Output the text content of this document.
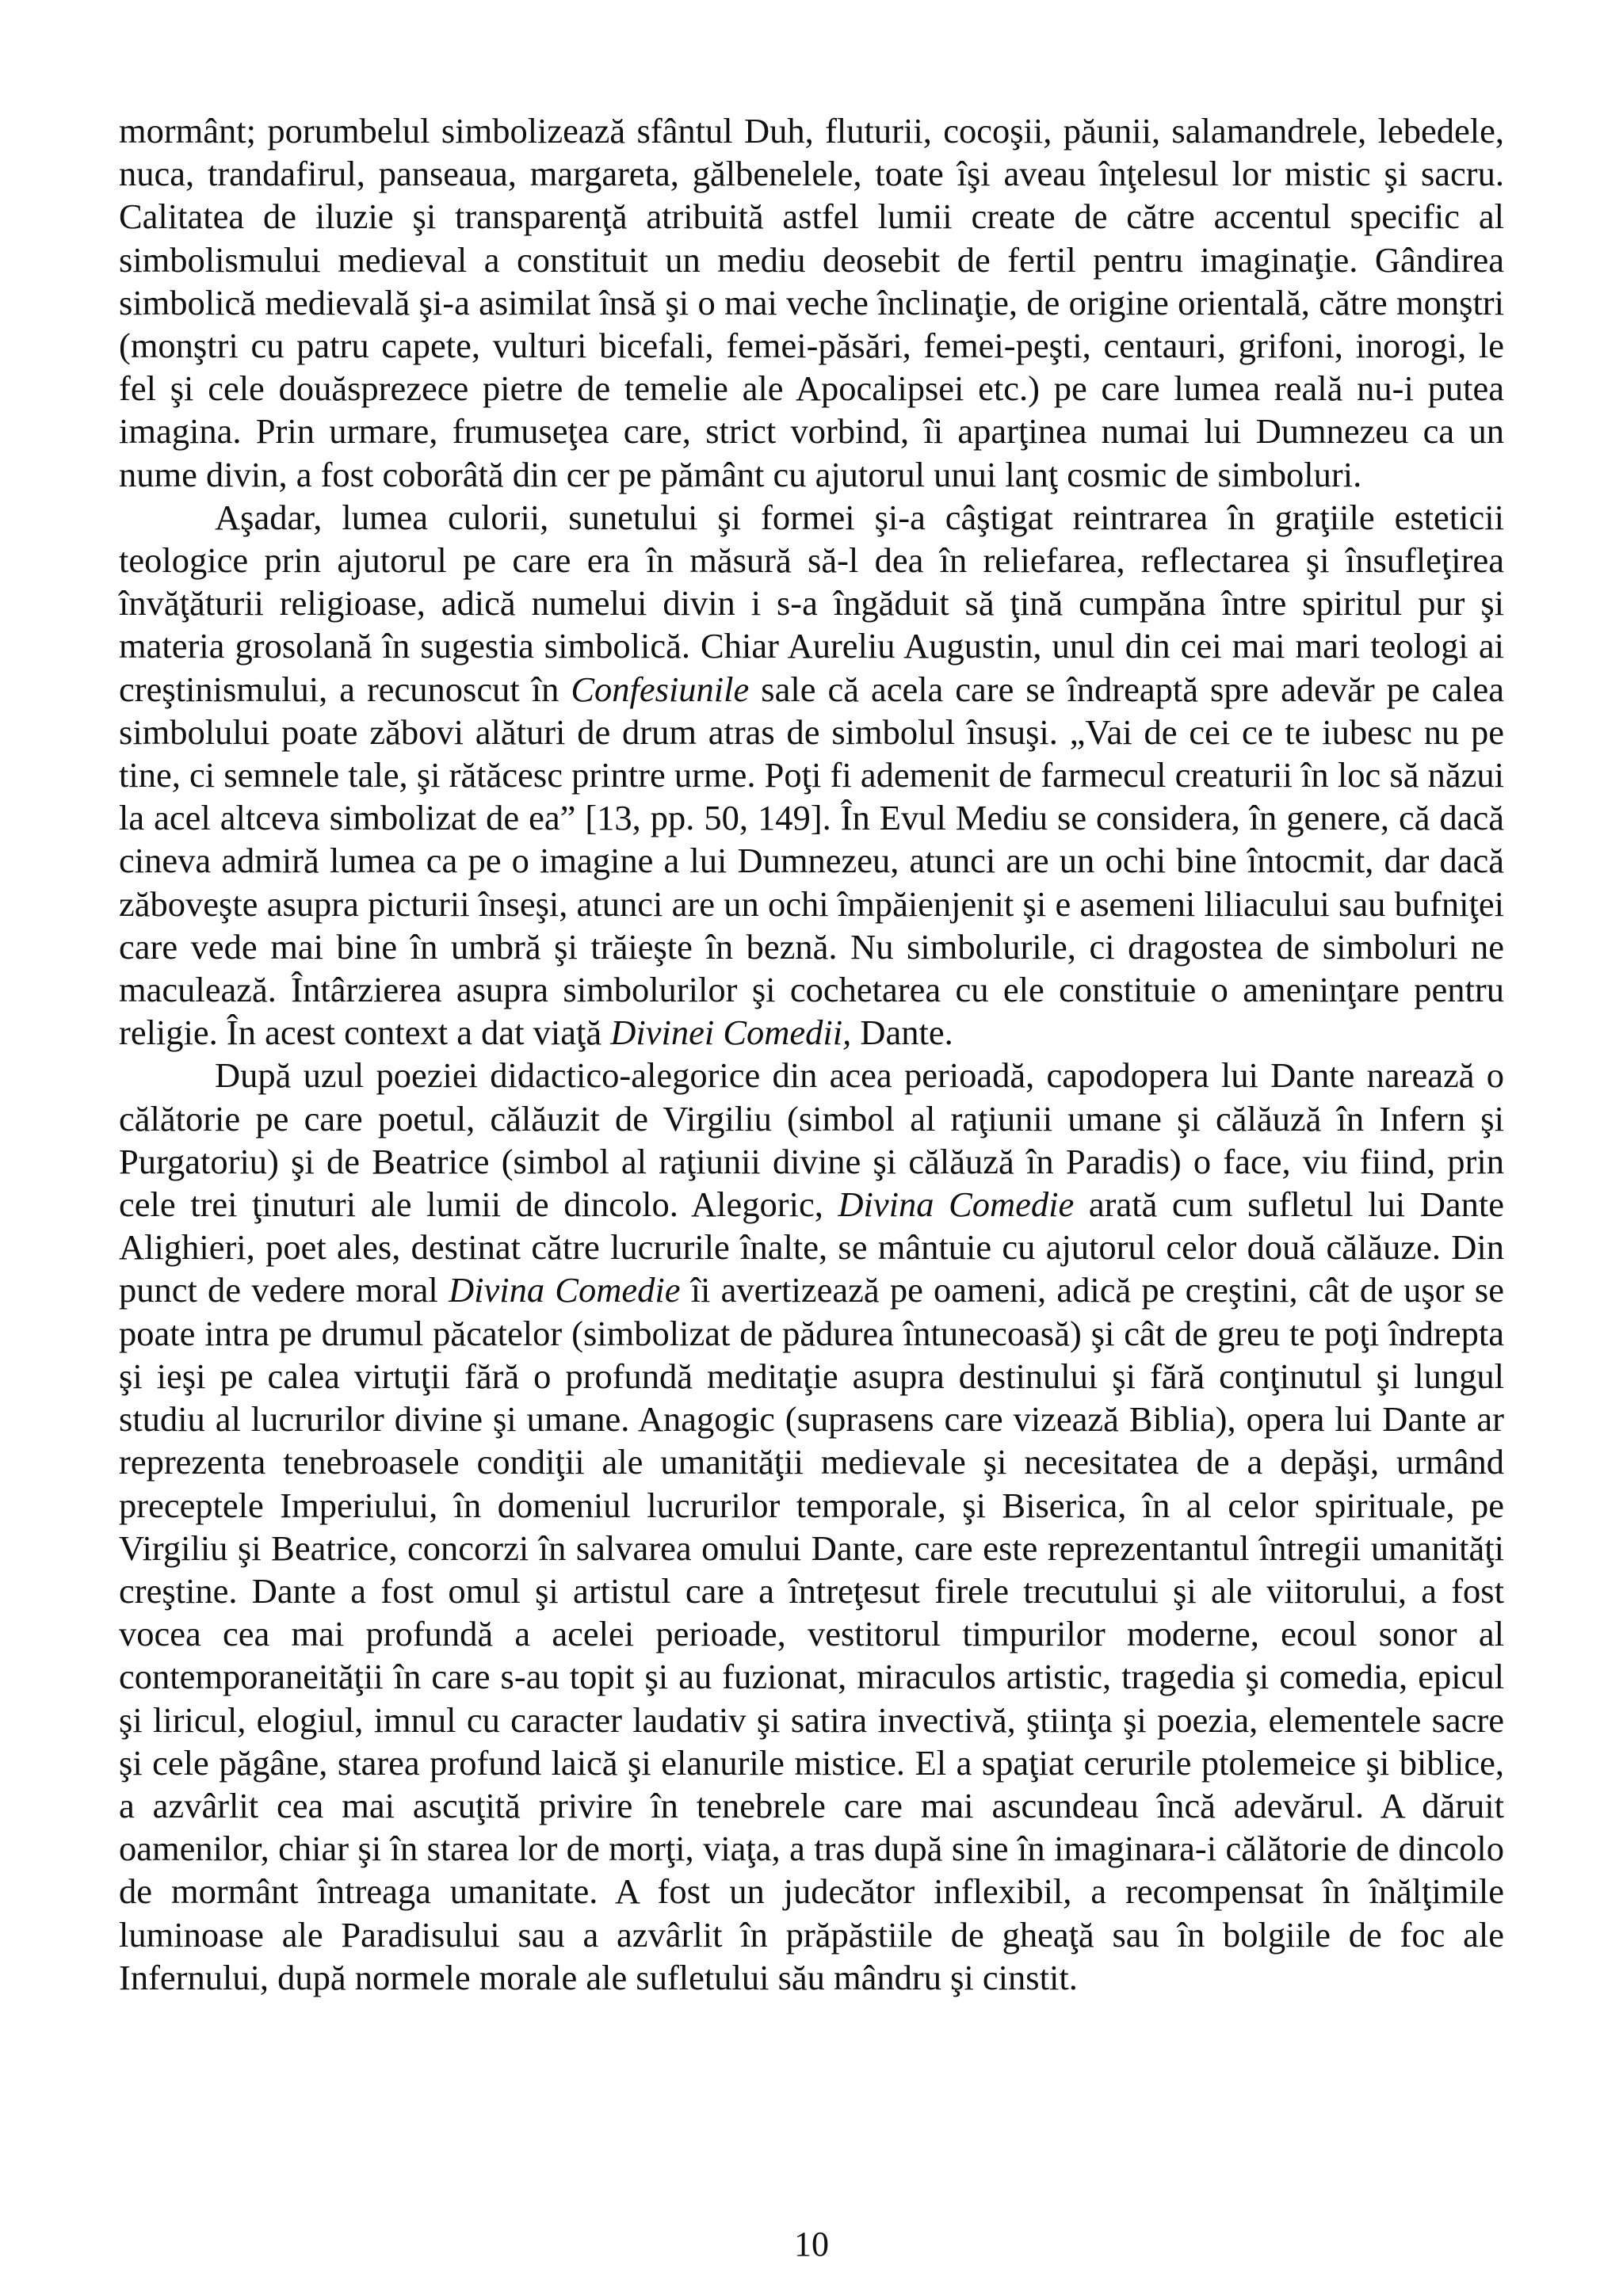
mormânt; porumbelul simbolizează sfântul Duh, fluturii, cocoşii, păunii, salamandrele, lebedele, nuca, trandafirul, panseaua, margareta, gălbenelele, toate îşi aveau înţelesul lor mistic şi sacru. Calitatea de iluzie şi transparenţă atribuită astfel lumii create de către accentul specific al simbolismului medieval a constituit un mediu deosebit de fertil pentru imaginaţie. Gândirea simbolică medievală şi-a asimilat însă şi o mai veche înclinaţie, de origine orientală, către monştri (monştri cu patru capete, vulturi bicefali, femei-păsări, femei-peşti, centauri, grifoni, inorogi, le fel şi cele douăsprezece pietre de temelie ale Apocalipsei etc.) pe care lumea reală nu-i putea imagina. Prin urmare, frumuseţea care, strict vorbind, îi aparţinea numai lui Dumnezeu ca un nume divin, a fost coborâtă din cer pe pământ cu ajutorul unui lanţ cosmic de simboluri.

Aşadar, lumea culorii, sunetului şi formei şi-a câştigat reintrarea în graţiile esteticii teologice prin ajutorul pe care era în măsură să-l dea în reliefarea, reflectarea şi însufleţirea învăţăturii religioase, adică numelui divin i s-a îngăduit să ţină cumpăna între spiritul pur şi materia grosolană în sugestia simbolică. Chiar Aureliu Augustin, unul din cei mai mari teologi ai creştinismului, a recunoscut în Confesiunile sale că acela care se îndreaptă spre adevăr pe calea simbolului poate zăbovi alături de drum atras de simbolul însuşi. „Vai de cei ce te iubesc nu pe tine, ci semnele tale, şi rătăcesc printre urme. Poţi fi ademenit de farmecul creaturii în loc să năzui la acel altceva simbolizat de ea” [13, pp. 50, 149]. În Evul Mediu se considera, în genere, că dacă cineva admiră lumea ca pe o imagine a lui Dumnezeu, atunci are un ochi bine întocmit, dar dacă zăboveşte asupra picturii înseşi, atunci are un ochi împăienjenit şi e asemeni liliacului sau bufniţei care vede mai bine în umbră şi trăieşte în beznă. Nu simbolurile, ci dragostea de simboluri ne maculează. Întârzierea asupra simbolurilor şi cochetarea cu ele constituie o ameninţare pentru religie. În acest context a dat viaţă Divinei Comedii, Dante.

După uzul poeziei didactico-alegorice din acea perioadă, capodopera lui Dante narează o călătorie pe care poetul, călăuzit de Virgiliu (simbol al raţiunii umane şi călăuză în Infern şi Purgatoriu) şi de Beatrice (simbol al raţiunii divine şi călăuză în Paradis) o face, viu fiind, prin cele trei ţinuturi ale lumii de dincolo. Alegoric, Divina Comedie arată cum sufletul lui Dante Alighieri, poet ales, destinat către lucrurile înalte, se mântuie cu ajutorul celor două călăuze. Din punct de vedere moral Divina Comedie îi avertizează pe oameni, adică pe creştini, cât de uşor se poate intra pe drumul păcatelor (simbolizat de pădurea întunecoasă) şi cât de greu te poţi îndrepta şi ieşi pe calea virtuţii fără o profundă meditaţie asupra destinului şi fără conţinutul şi lungul studiu al lucrurilor divine şi umane. Anagogic (suprasens care vizează Biblia), opera lui Dante ar reprezenta tenebroasele condiţii ale umanităţii medievale şi necesitatea de a depăşi, urmând preceptele Imperiului, în domeniul lucrurilor temporale, şi Biserica, în al celor spirituale, pe Virgiliu şi Beatrice, concorzi în salvarea omului Dante, care este reprezentantul întregii umanităţi creştine. Dante a fost omul şi artistul care a întreţesut firele trecutului şi ale viitorului, a fost vocea cea mai profundă a acelei perioade, vestitorul timpurilor moderne, ecoul sonor al contemporaneităţii în care s-au topit şi au fuzionat, miraculos artistic, tragedia şi comedia, epicul şi liricul, elogiul, imnul cu caracter laudativ şi satira invectivă, ştiinţa şi poezia, elementele sacre şi cele păgâne, starea profund laică şi elanurile mistice. El a spaţiat cerurile ptolemeice şi biblice, a azvârlit cea mai ascuţită privire în tenebrele care mai ascundeau încă adevărul. A dăruit oamenilor, chiar şi în starea lor de morţi, viaţa, a tras după sine în imaginara-i călătorie de dincolo de mormânt întreaga umanitate. A fost un judecător inflexibil, a recompensat în înălţimile luminoase ale Paradisului sau a azvârlit în prăpăstiile de gheaţă sau în bolgiile de foc ale Infernului, după normele morale ale sufletului său mândru şi cinstit.

10
